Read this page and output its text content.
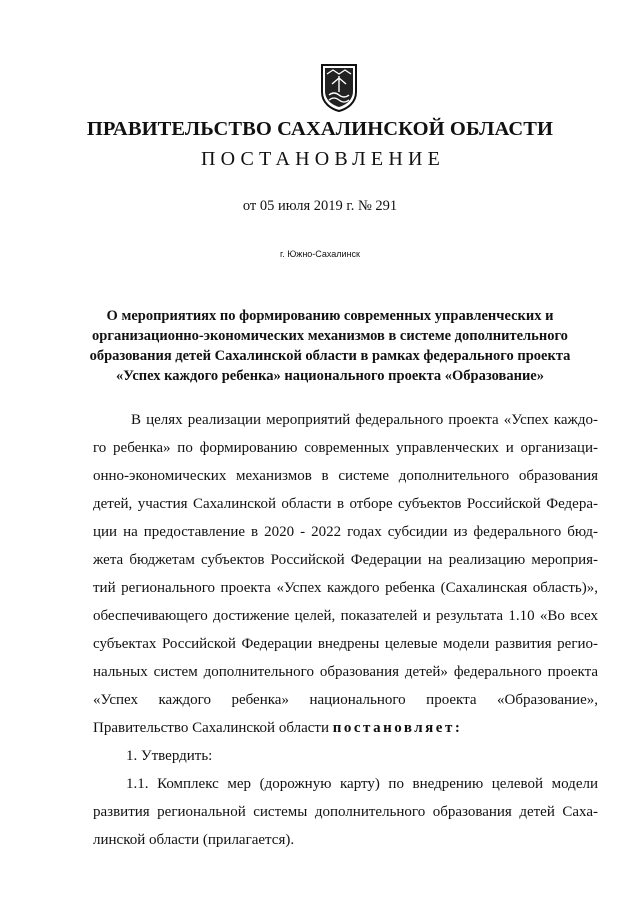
ПРАВИТЕЛЬСТВО САХАЛИНСКОЙ ОБЛАСТИ
ПОСТАНОВЛЕНИЕ
от 05 июля 2019 г. № 291
г. Южно-Сахалинск
О мероприятиях по формированию современных управленческих и
организационно-экономических механизмов в системе дополнительного
образования детей Сахалинской области в рамках федерального проекта
«Успех каждого ребенка» национального проекта «Образование»
В целях реализации мероприятий федерального проекта «Успех каждо-
го ребенка» по формированию современных управленческих и организаци-
онно-экономических механизмов в системе дополнительного образования
детей, участия Сахалинской области в отборе субъектов Российской Федера-
ции на предоставление в 2020 - 2022 годах субсидии из федерального бюд-
жета бюджетам субъектов Российской Федерации на реализацию мероприя-
тий регионального проекта «Успех каждого ребенка (Сахалинская область)»,
обеспечивающего достижение целей, показателей и результата 1.10 «Во всех
субъектах Российской Федерации внедрены целевые модели развития регио-
нальных систем дополнительного образования детей» федерального проекта
«Успех каждого ребенка» национального проекта «Образование»,
Правительство Сахалинской области постановляет:
1. Утвердить:
1.1. Комплекс мер (дорожную карту) по внедрению целевой модели
развития региональной системы дополнительного образования детей Саха-
линской области (прилагается).
